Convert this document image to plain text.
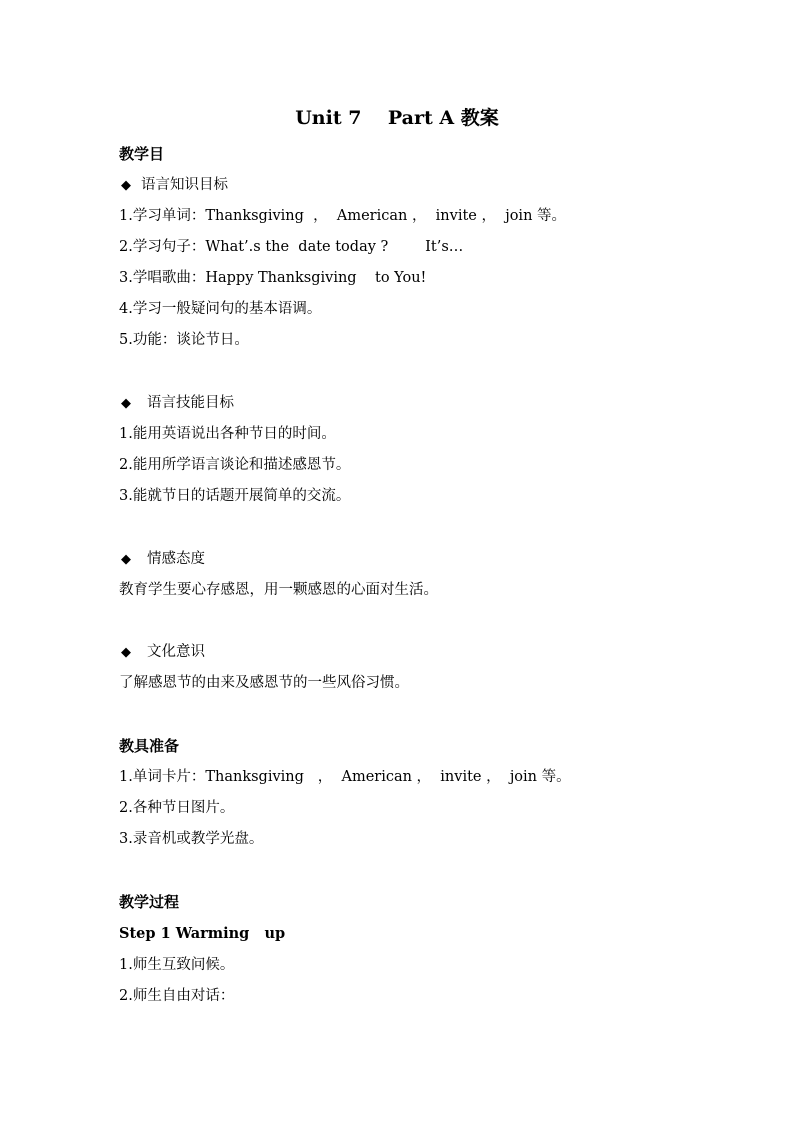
Unit 7    Part A 教案
教学目
◆ 语言知识目标
1.学习单词：Thanksgiving  ，  American ，  invite ，  join 等。
2.学习句子：What’.s the  date today ?        It’s…
3.学唱歌曲：Happy Thanksgiving    to You!
4.学习一般疑问句的基本语调。
5.功能：谈论节日。
◆ 语言技能目标
1.能用英语说出各种节日的时间。
2.能用所学语言谈论和描述感恩节。
3.能就节日的话题开展简单的交流。
◆ 情感态度
教育学生要心存感恩，用一颗感恩的心面对生活。
◆ 文化意识
了解感恩节的由来及感恩节的一些风俗习惯。
教具准备
1.单词卡片：Thanksgiving   ，  American ，  invite ，  join 等。
2.各种节日图片。
3.录音机或教学光盘。
教学过程
Step 1 Warming   up
1.师生互致问候。
2.师生自由对话：
